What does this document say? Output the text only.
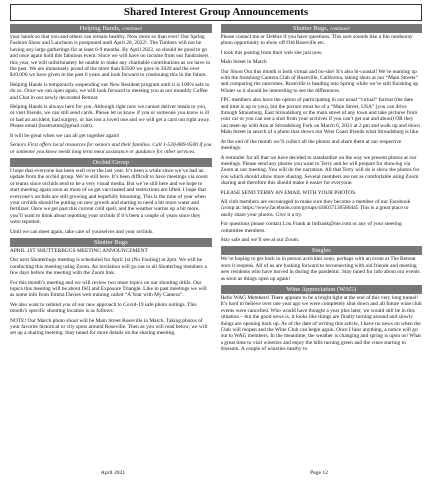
Shared Interest Group Announcements
Helping Hands, continued

your hands so that you and others can remain healthy. Now more so than ever! Our Spring Fashion Show and Luncheon is postponed until April 20, 2022!. The Timbers will not be having any large gatherings for at least 6-9 months. By April 2022, so should be good to go and once again hold this fabulous event. Since we will have no income from our fundraisers this year, we will unfortunately be unable to make any charitable contributions as we have in the past. We are immensely proud of the more than $3500 we gave in 2020 and the over $10,000 we have given in the past 6 years and look forward to continuing this in the future.

Helping Hands is temporarily suspending our New Resident program until it is 100% safe to do so. Once we can open again, we will look forward to meeting you at our monthly Coffee and Chat in our newly decorated Retreat.

Helping Hands is always here for you. Although right now we cannot deliver meals to you, or visit friends, we can still send cards. Please let us know if you or someone you know is ill or had an accident, had surgery, or has lost a loved one and we will get a card out right away. Please email (bostrumm@gmail.com).

It will be great when we can all get together again!

Seniors First offers local resources for seniors and their families. Call 1-530-889-9500 if you or someone you know needs long term meal assistance or guidance for other services.

Orchid Group

I hope that everyone has been well over the last year. It’s been a while since we’ve had an update from the orchid group. We’re still here. It’s been difficult to have meetings via zoom or teams since orchids tend to be a very visual media. But we’re still here and we hope to start meeting again soon as more of us get vaccinated and restrictions are lifted. I hope that everyone’s orchids are still growing and hopefully blooming. This is the time of year when your orchids should be putting on new growth and starting to need a bit more water and fertilizer. Once we get past this current cold spell, and the weather warms up a bit more, you’ll want to think about repotting your orchids if it’s been a couple of years since they were repotted.

Until we can meet again, take care of yourselves and your orchids.

Shutter Bugs

APRIL 1ST SHUTTERBUGS MEETING ANNOUNCEMENT

Our next Shutterbugs meeting is scheduled for April 1st (No Fooling) at 2pm. We will be conducting this meeting using Zoom. An invitation will go out to all Shutterbug members a few days before the meeting with the Zoom link.

For this month’s meeting and we will review two more topics on our shooting drills. Our topics this meeting will be about ISO and Exposure Triangle. Like in past meetings we will as some info from Emma Davies web training called “A Year with My Camera”.

We also want to remind you of our new approach to Covid-19 safe photo outings. This month’s specific shooting location is as follows:

NOTE! Our March photo shoot will be Main Street Roseville in March. Taking photos of your favorite historical or city spots around Roseville. Then as you will read below, we will set up a sharing meeting. Stay tuned for more details on the sharing meeting.

Shutter Bugs, continued

Please contact me or Debbie if you have questions. This sure sounds like a fun outdoorsy photo opportunity to show off Old Roseville etc.

I took this posting from their web site just now.

Main Street in March

Our Shoot Out this month is both virtual and on-site! It’s also bi-coastal! We’re teaming up with the Stutsburg Camera Club of Roseville, California, taking shots at our “Main Streets” and comparing the outcomes. Roseville is heading into Spring while we’re still finishing up Winter so it should be interesting to see the differences.

FPC members also have the option of participating in our usual “virtual” format (the date and time is up to you), but the picture must be of a “Main Street, USA” (you can drive through Strausburg, East Stroudsburg or the main street of any town and take pictures from your car or you can use a shot from your archives if you can’t get out and about) OR they can meet-up with Ann at Stroudsburg Fork on March 6, 2021 at 2 pm and walk up and down Main Street in search of a photo that shows our West Coast friends what Stroudsburg is like.

At the end of the month we’ll collect all the photos and share them at our respective meetings.

A reminder for all that we have decided to standardize on the way we present photos at our meetings. Please send any photos you want to Terry and he will prepare for showing via Zoom at our meeting. You will do the narration. All that Terry will do is show the photos for you which should allow more sharing. Several members are not as comfortable using Zoom sharing and therefore this should make it easier for everyone.

PLEASE SEND TERRY AN EMAIL WITH YOUR PHOTOS.

All club members are encouraged to make sure they become a member of our Facebook Group at: https://www.facebook.com/groups/436037136586445 This is a great place to easily share your photos. Give it a try.

For questions please contact Lou Frank at lmfrank@me.com or any of your steering committee members.

Stay safe and we’ll see at our Zoom.

Singles

We’re hoping to get back to in person activities soon, perhaps with an event at The Retreat once it reopens. All of us are looking forward to reconnecting with old friends and meeting new residents who have moved in during the pandemic. Stay tuned for info about our events as soon as things open up again!

Wine Appreciation (WAG)

Hello WAG Members! There appears to be a bright light at the end of this very long tunnel! It’s hard to believe over one year ago we were completely shut down and all future wine club events were cancelled. Who would have thought a year plus later, we would still be in this situation – but the good news is, it looks like things are finally turning around and slowly things are opening back up. As of the date of writing this article, I have no news on when the Club will reopen and the Wine Club can begin again. Once I hear anything, a notice will go out to WAG members. In the meantime, the weather is changing and spring is upon us! What a great time to visit wineries and enjoy the hills turning green and the vines starting to blossom. A couple of wineries nearby to

April 2021	Page 12
